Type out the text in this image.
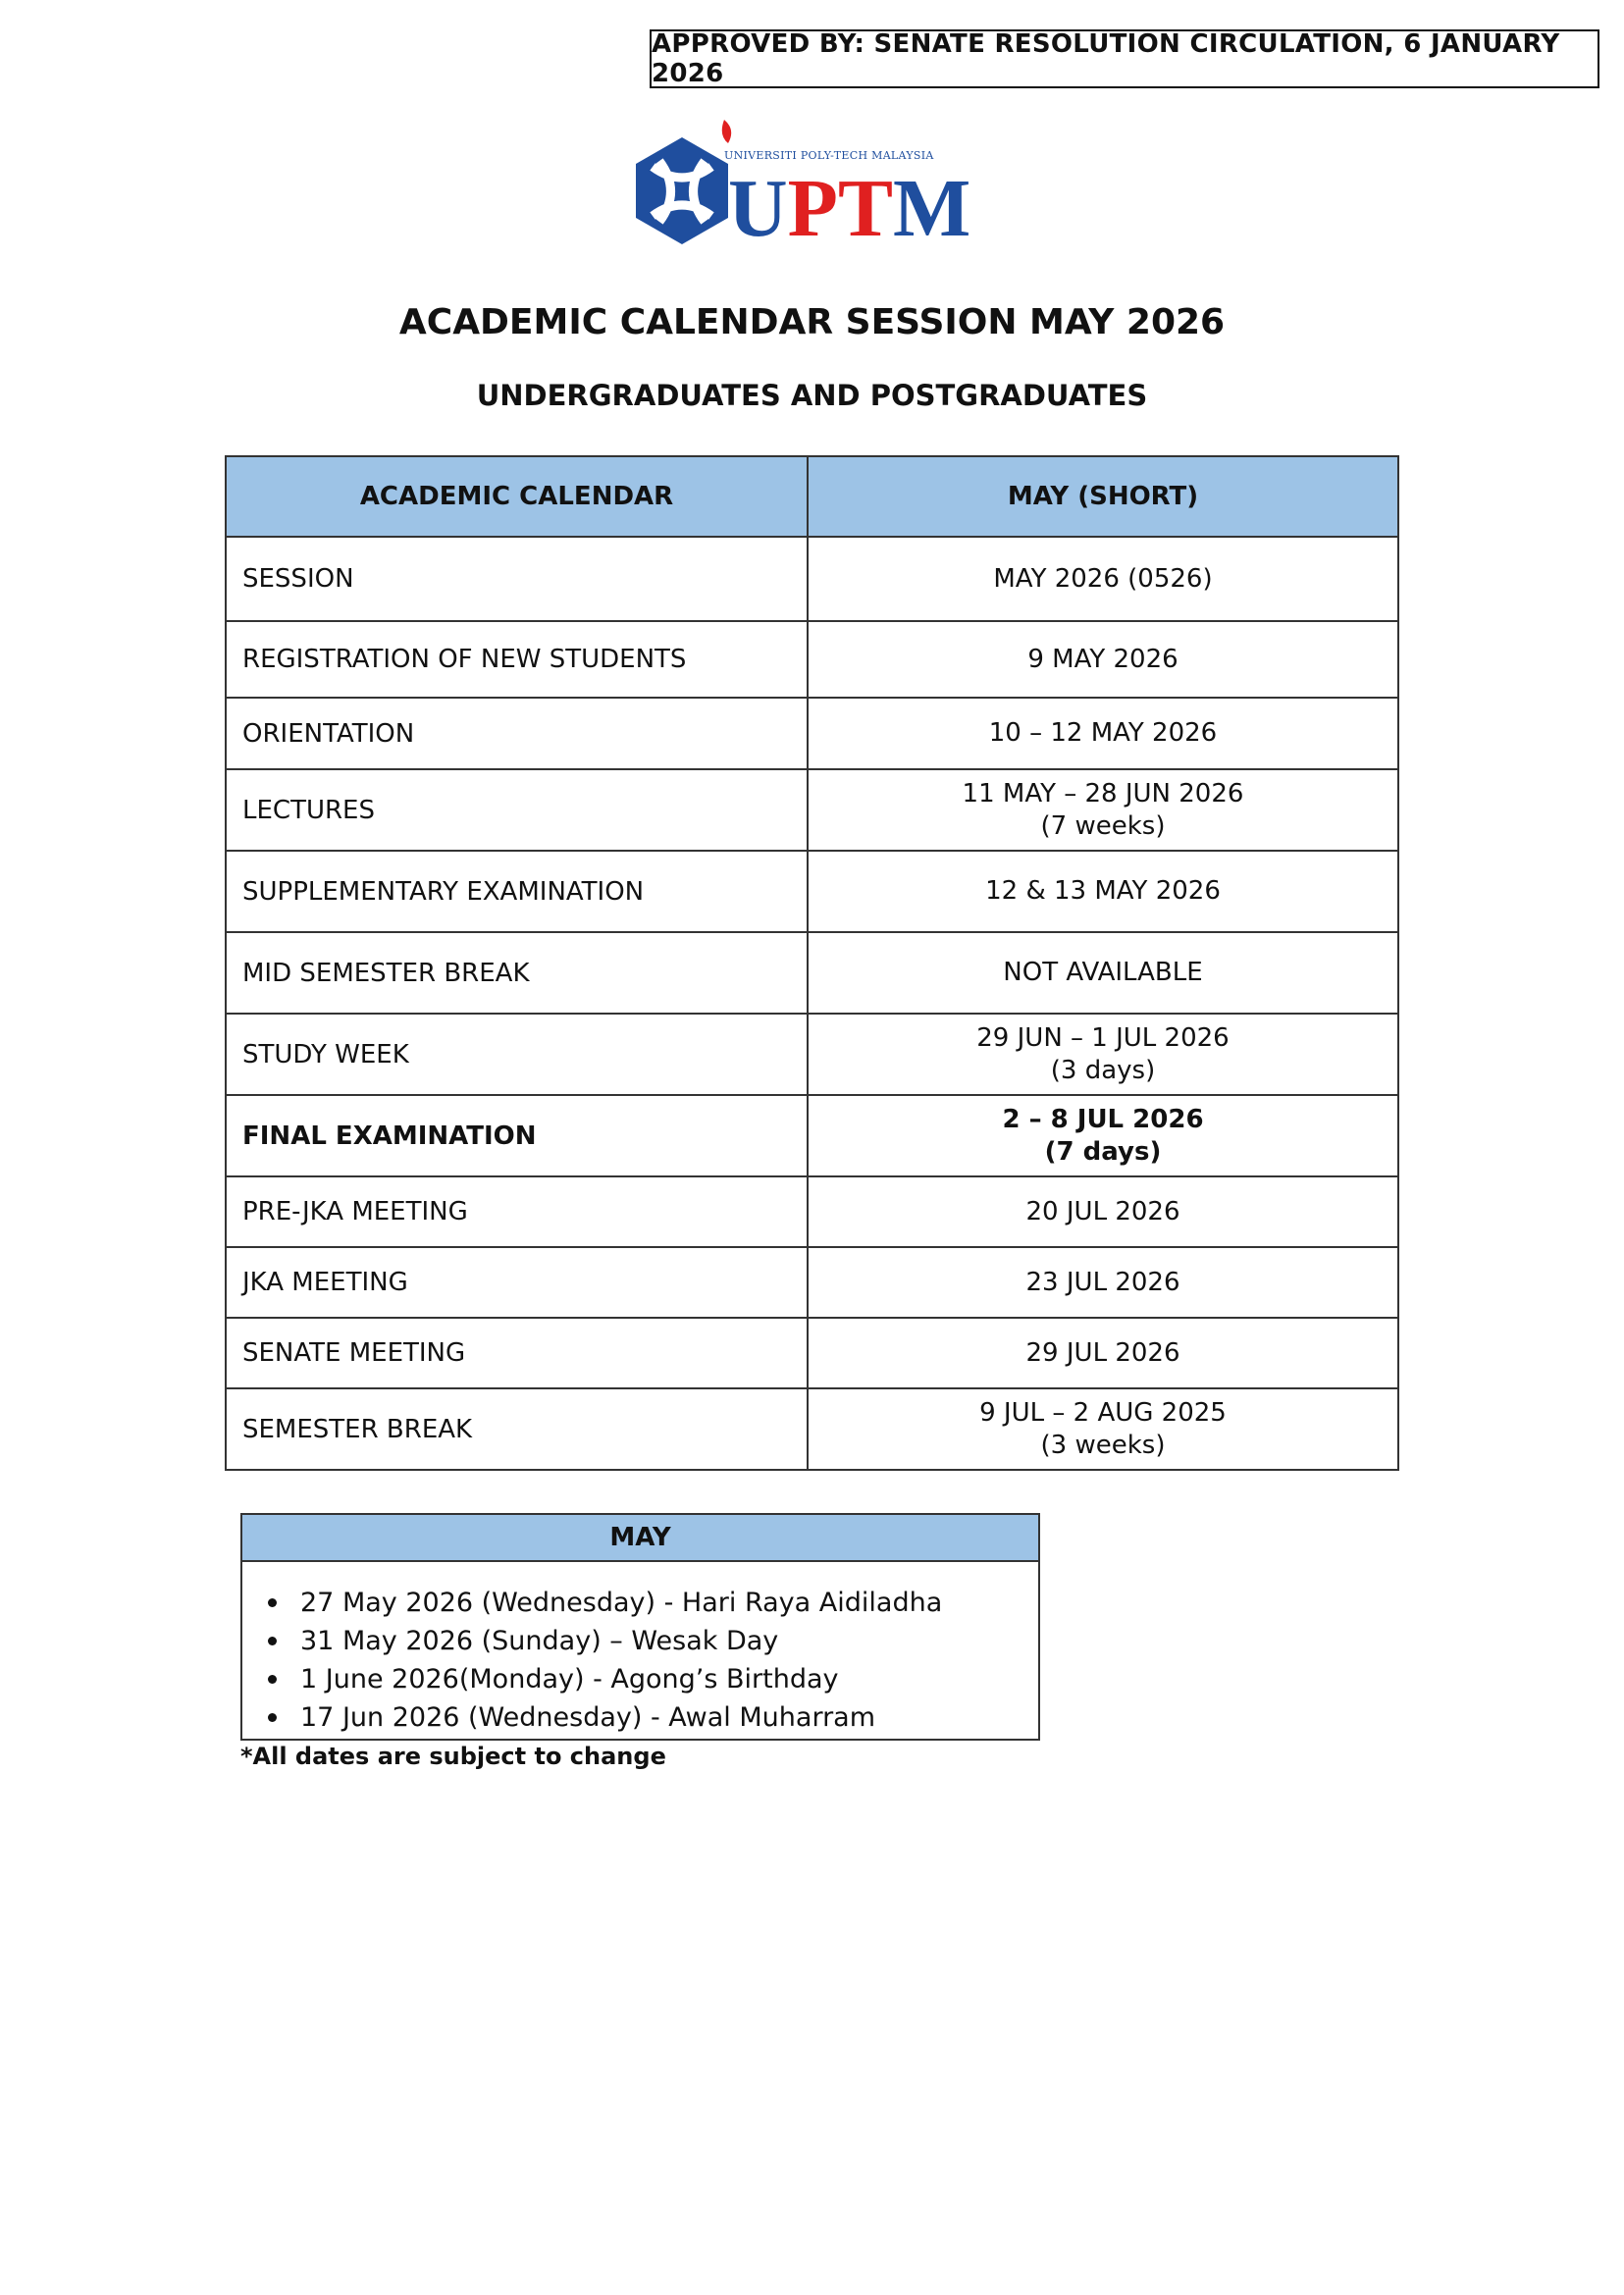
APPROVED BY: SENATE RESOLUTION CIRCULATION, 6 JANUARY 2026
UNIVERSITI POLY-TECH MALAYSIA
UPTM
ACADEMIC CALENDAR SESSION MAY 2026
UNDERGRADUATES AND POSTGRADUATES
ACADEMIC CALENDAR	MAY (SHORT)
SESSION	MAY 2026 (0526)

REGISTRATION OF NEW STUDENTS	9 MAY 2026

ORIENTATION	10 – 12 MAY 2026

LECTURES	11 MAY – 28 JUN 2026
(7 weeks)

SUPPLEMENTARY EXAMINATION	12 & 13 MAY 2026

MID SEMESTER BREAK	NOT AVAILABLE

STUDY WEEK	29 JUN – 1 JUL 2026
(3 days)

FINAL EXAMINATION	2 – 8 JUL 2026
(7 days)

PRE-JKA MEETING	20 JUL 2026

JKA MEETING	23 JUL 2026

SENATE MEETING	29 JUL 2026

SEMESTER BREAK	9 JUL – 2 AUG 2025
(3 weeks)
MAY
27 May 2026 (Wednesday) - Hari Raya Aidiladha
31 May 2026 (Sunday) – Wesak Day
1 June 2026(Monday) - Agong’s Birthday
17 Jun 2026 (Wednesday) - Awal Muharram
*All dates are subject to change
